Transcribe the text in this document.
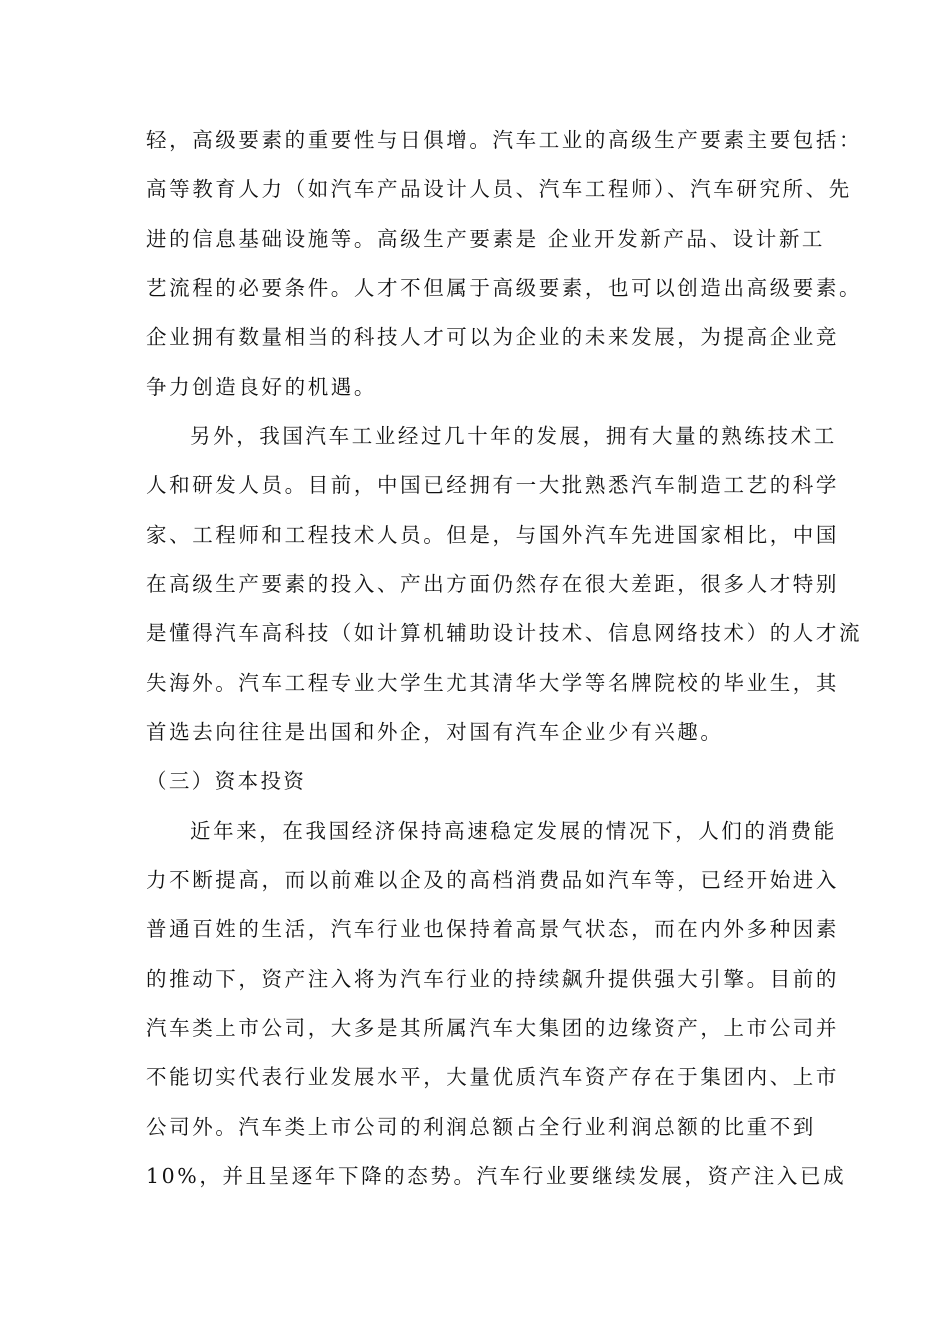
轻，高级要素的重要性与日俱增。汽车工业的高级生产要素主要包括：
高等教育人力（如汽车产品设计人员、汽车工程师）、汽车研究所、先
进的信息基础设施等。高级生产要素是 企业开发新产品、设计新工
艺流程的必要条件。人才不但属于高级要素，也可以创造出高级要素。
企业拥有数量相当的科技人才可以为企业的未来发展，为提高企业竞
争力创造良好的机遇。
另外，我国汽车工业经过几十年的发展，拥有大量的熟练技术工
人和研发人员。目前，中国已经拥有一大批熟悉汽车制造工艺的科学
家、工程师和工程技术人员。但是，与国外汽车先进国家相比，中国
在高级生产要素的投入、产出方面仍然存在很大差距，很多人才特别
是懂得汽车高科技（如计算机辅助设计技术、信息网络技术）的人才流
失海外。汽车工程专业大学生尤其清华大学等名牌院校的毕业生，其
首选去向往往是出国和外企，对国有汽车企业少有兴趣。
（三）资本投资
近年来，在我国经济保持高速稳定发展的情况下，人们的消费能
力不断提高，而以前难以企及的高档消费品如汽车等，已经开始进入
普通百姓的生活，汽车行业也保持着高景气状态，而在内外多种因素
的推动下，资产注入将为汽车行业的持续飙升提供强大引擎。目前的
汽车类上市公司，大多是其所属汽车大集团的边缘资产，上市公司并
不能切实代表行业发展水平，大量优质汽车资产存在于集团内、上市
公司外。汽车类上市公司的利润总额占全行业利润总额的比重不到
10%，并且呈逐年下降的态势。汽车行业要继续发展，资产注入已成
